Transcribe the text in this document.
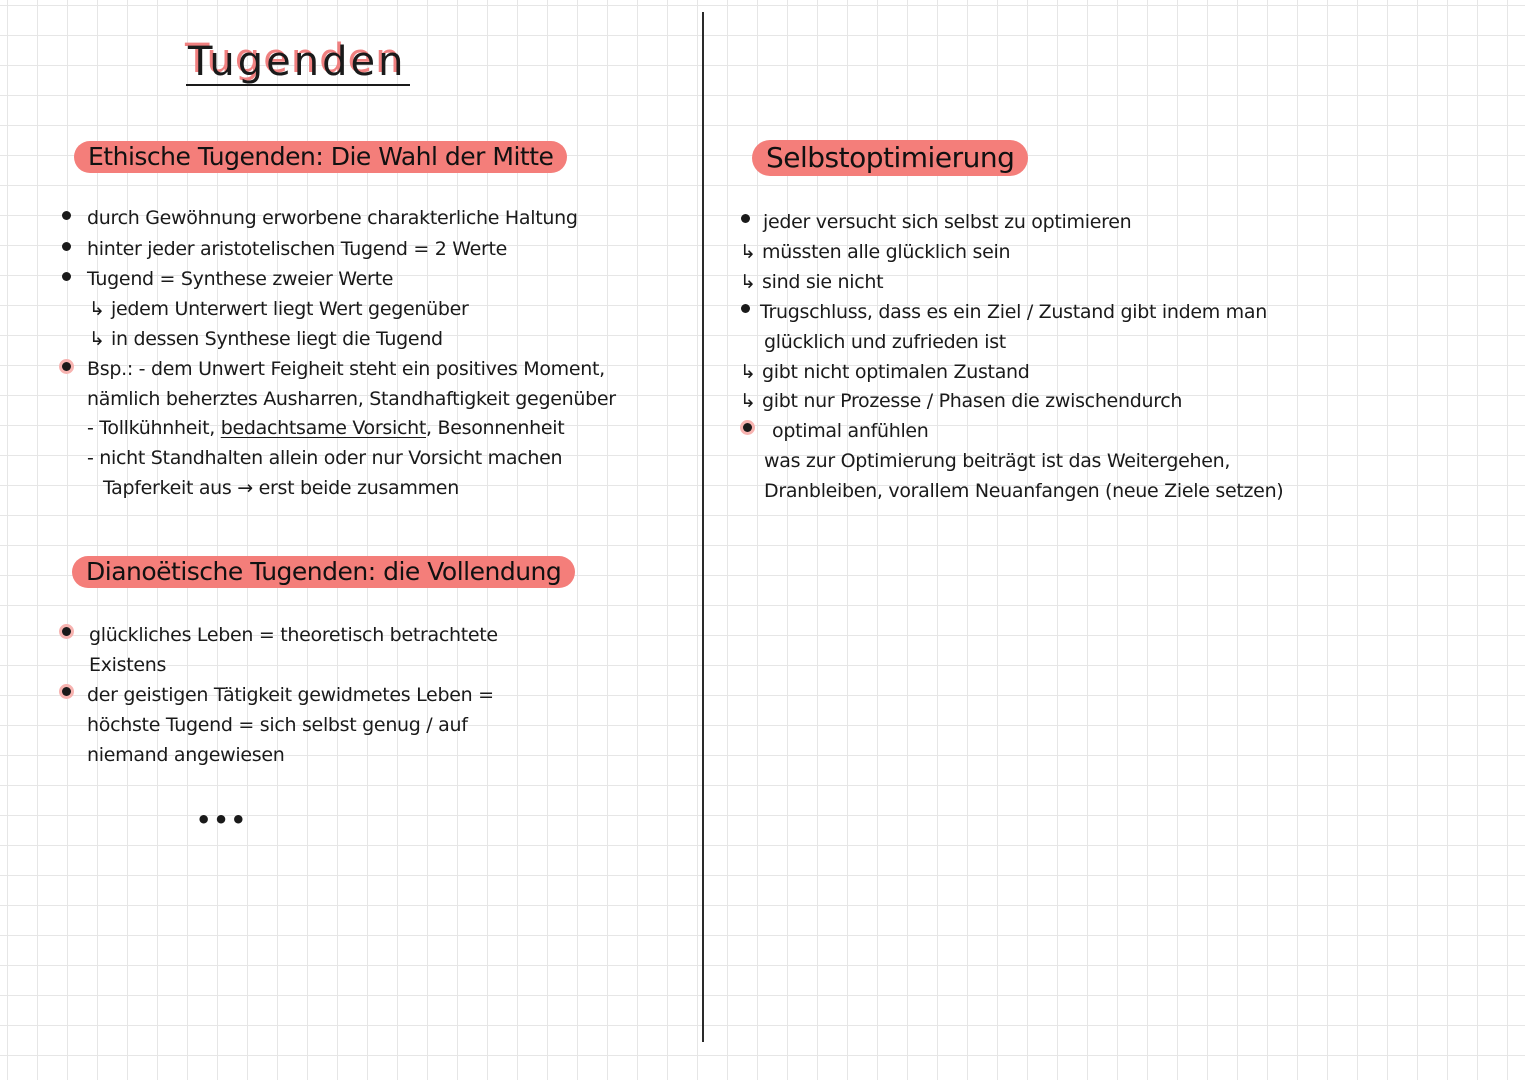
Tugenden
Ethische Tugenden: Die Wahl der Mitte
durch Gewöhnung erworbene charakterliche Haltung
hinter jeder aristotelischen Tugend = 2 Werte
Tugend = Synthese zweier Werte
↳ jedem Unterwert liegt Wert gegenüber
↳ in dessen Synthese liegt die Tugend
Bsp.: - dem Unwert Feigheit steht ein positives Moment,
nämlich beherztes Ausharren, Standhaftigkeit gegenüber
- Tollkühnheit, bedachtsame Vorsicht, Besonnenheit
- nicht Standhalten allein oder nur Vorsicht machen
Tapferkeit aus → erst beide zusammen
Dianoëtische Tugenden: die Vollendung
glückliches Leben = theoretisch betrachtete
Existens
der geistigen Tätigkeit gewidmetes Leben =
höchste Tugend = sich selbst genug / auf
niemand angewiesen
•••
Selbstoptimierung
jeder versucht sich selbst zu optimieren
↳ müssten alle glücklich sein
↳ sind sie nicht
Trugschluss, dass es ein Ziel / Zustand gibt indem man
glücklich und zufrieden ist
↳ gibt nicht optimalen Zustand
↳ gibt nur Prozesse / Phasen die zwischendurch
optimal anfühlen
was zur Optimierung beiträgt ist das Weitergehen,
Dranbleiben, vorallem Neuanfangen (neue Ziele setzen)
